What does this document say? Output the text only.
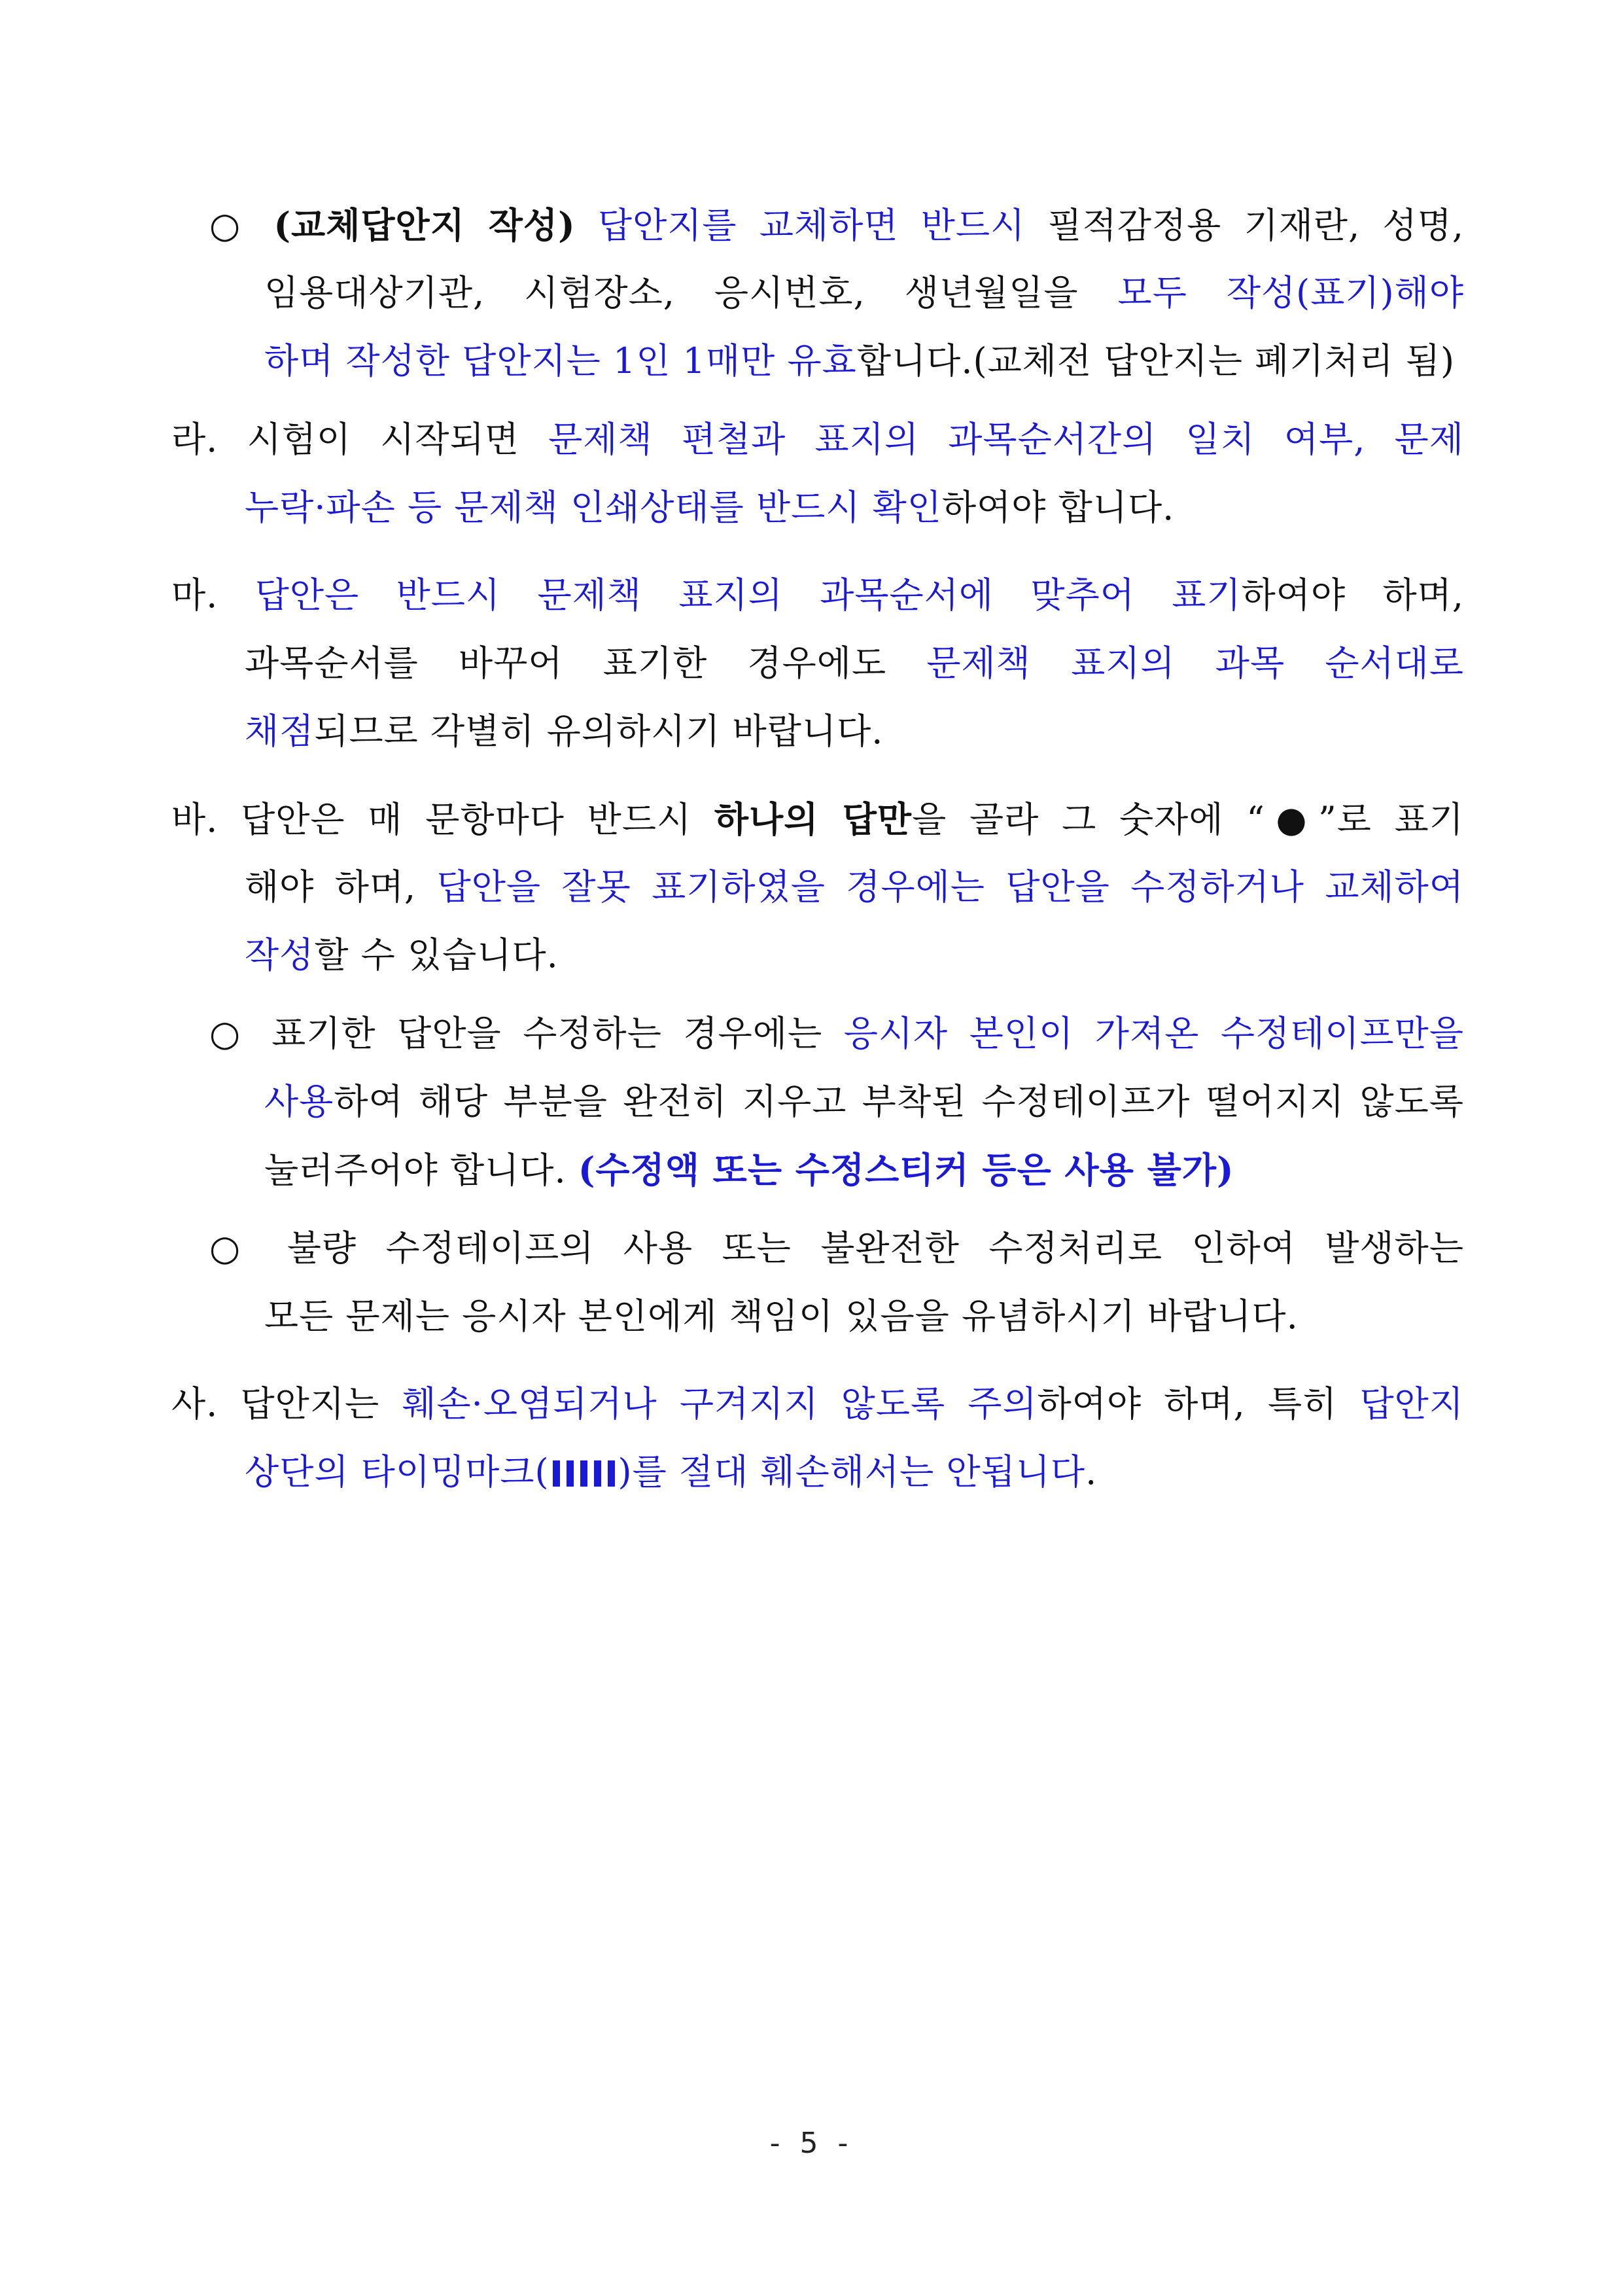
○ (교체답안지 작성) 답안지를 교체하면 반드시 필적감정용 기재란, 성명,
임용대상기관, 시험장소, 응시번호, 생년월일을 모두 작성(표기)해야
하며 작성한 답안지는 1인 1매만 유효합니다.(교체전 답안지는 폐기처리 됨)
라. 시험이 시작되면 문제책 편철과 표지의 과목순서간의 일치 여부, 문제
누락·파손 등 문제책 인쇄상태를 반드시 확인하여야 합니다.
마. 답안은 반드시 문제책 표지의 과목순서에 맞추어 표기하여야 하며,
과목순서를 바꾸어 표기한 경우에도 문제책 표지의 과목 순서대로
채점되므로 각별히 유의하시기 바랍니다.
바. 답안은 매 문항마다 반드시 하나의 답만을 골라 그 숫자에 “●”로 표기
해야 하며, 답안을 잘못 표기하였을 경우에는 답안을 수정하거나 교체하여
작성할 수 있습니다.
○ 표기한 답안을 수정하는 경우에는 응시자 본인이 가져온 수정테이프만을
사용하여 해당 부분을 완전히 지우고 부착된 수정테이프가 떨어지지 않도록
눌러주어야 합니다. (수정액 또는 수정스티커 등은 사용 불가)
○ 불량 수정테이프의 사용 또는 불완전한 수정처리로 인하여 발생하는
모든 문제는 응시자 본인에게 책임이 있음을 유념하시기 바랍니다.
사. 답안지는 훼손·오염되거나 구겨지지 않도록 주의하여야 하며, 특히 답안지
상단의 타이밍마크( )를 절대 훼손해서는 안됩니다.
- 5 -
